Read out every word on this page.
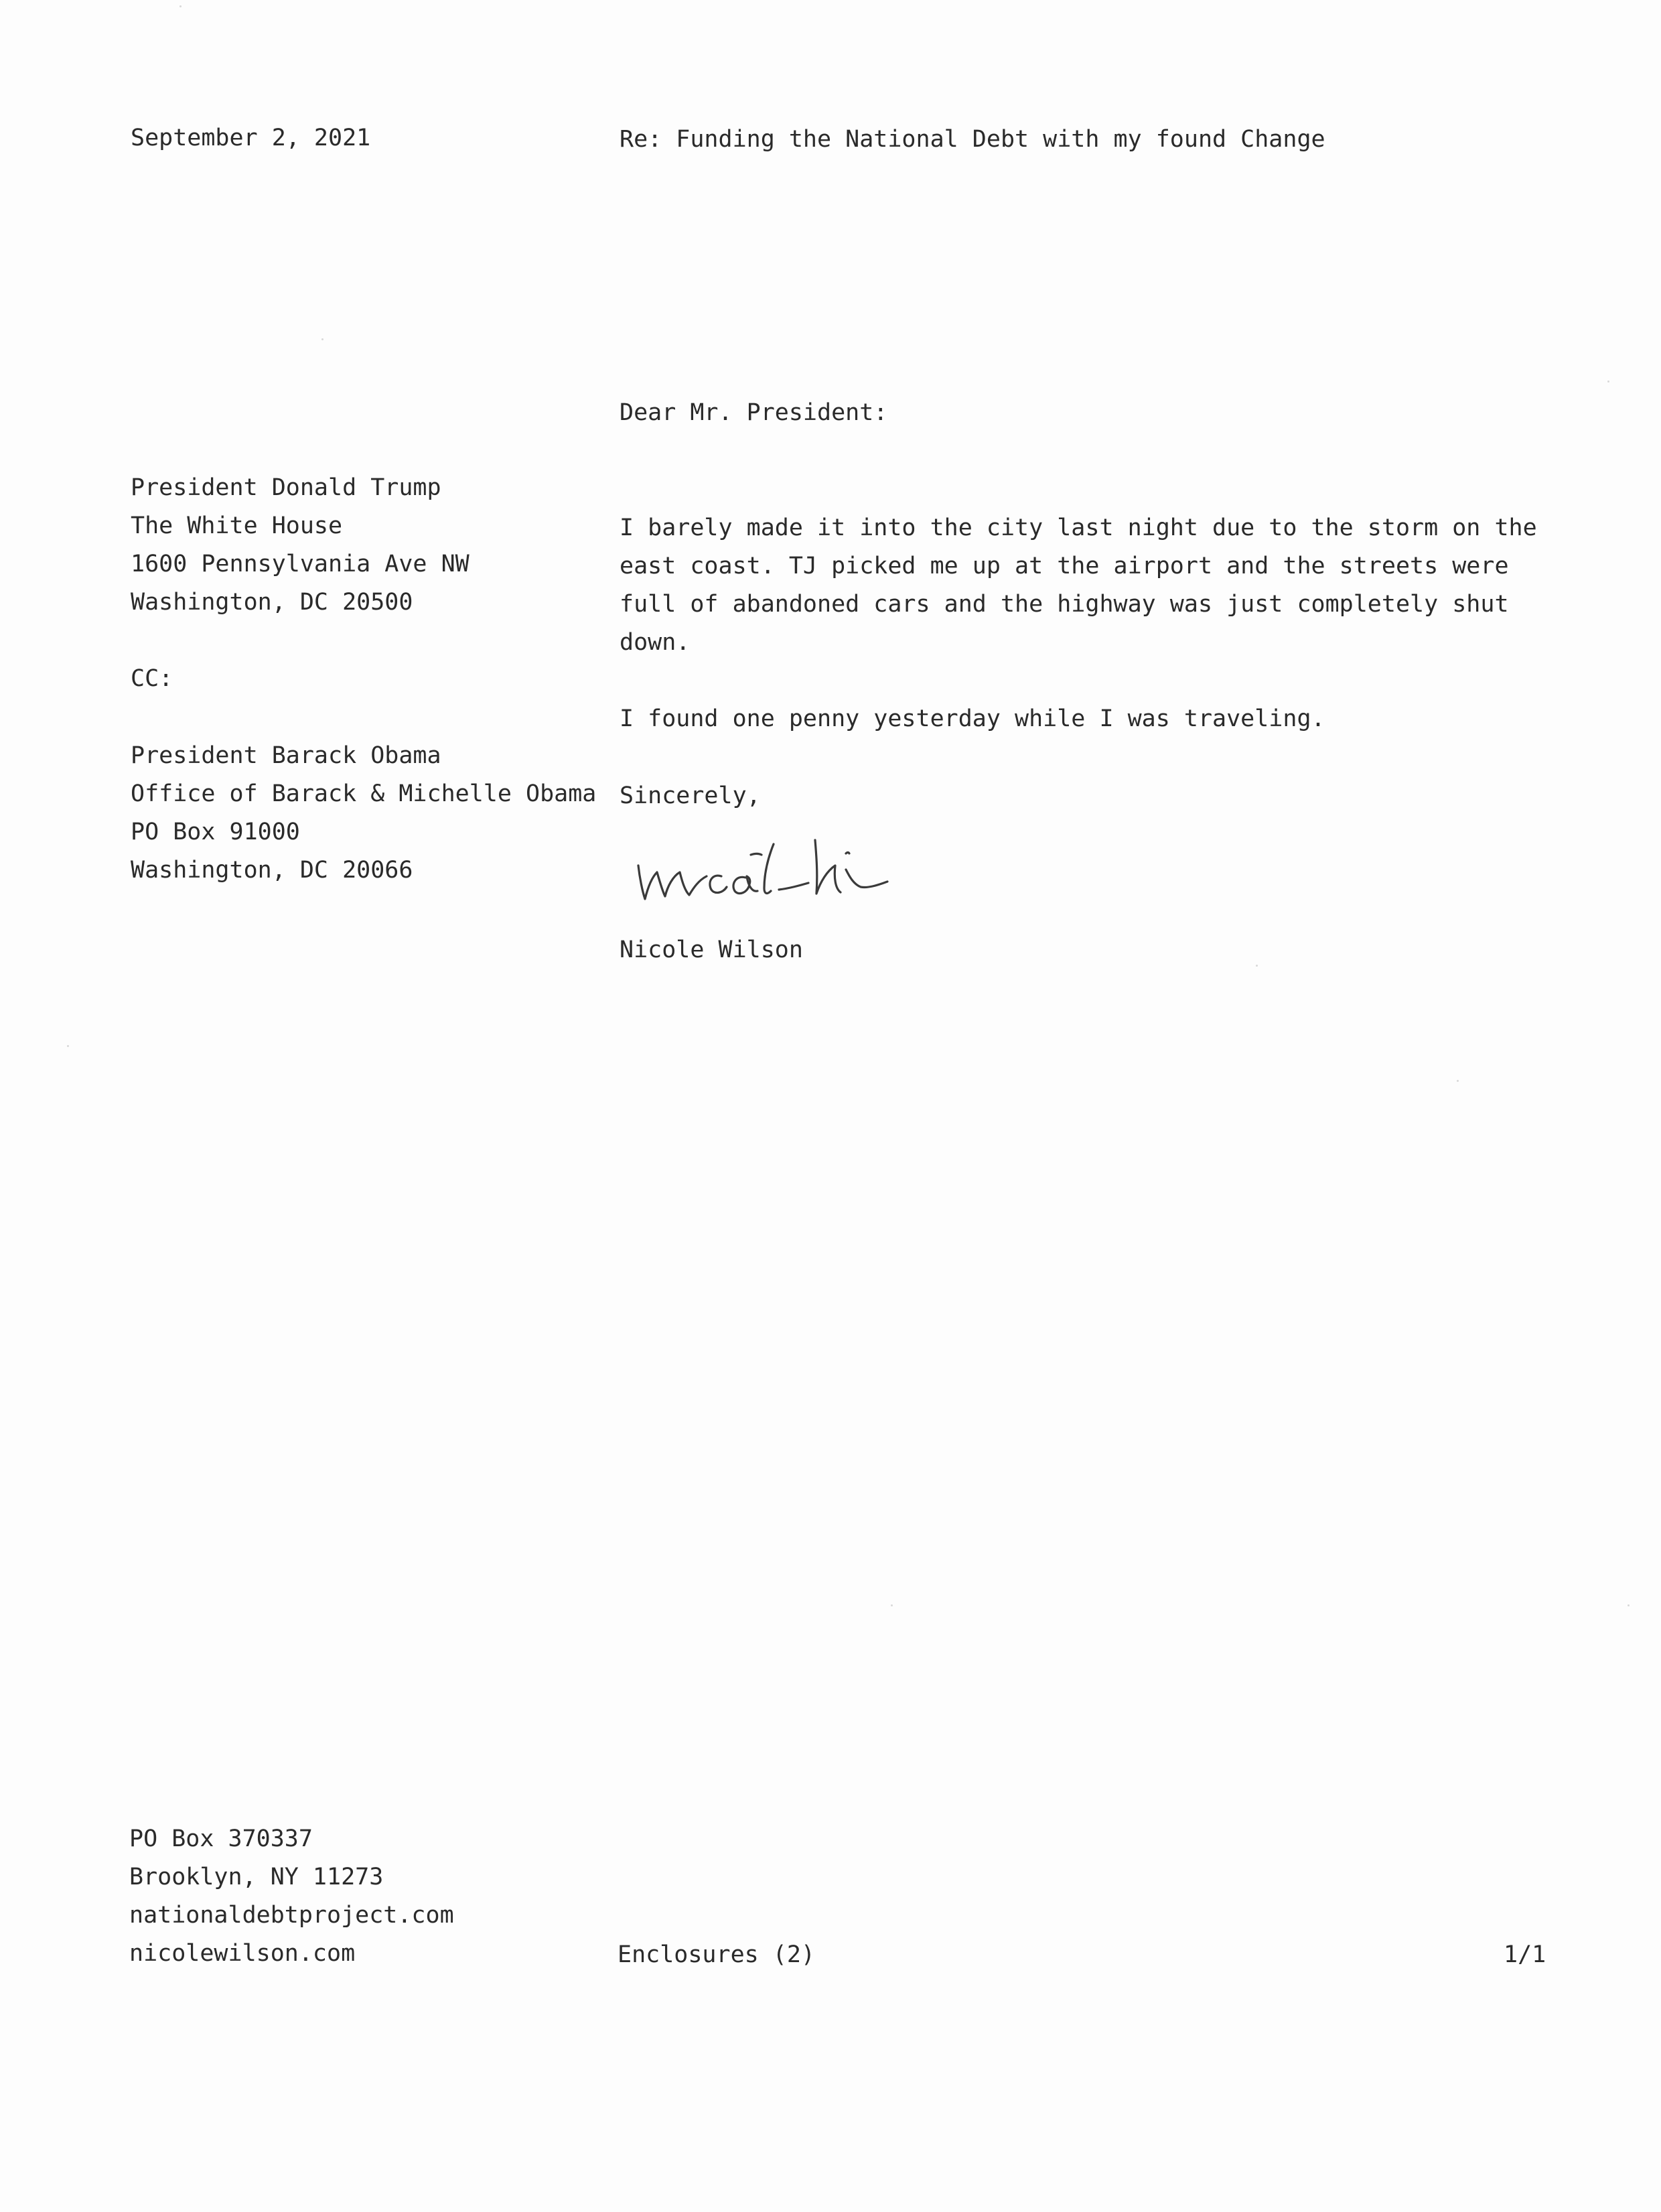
September 2, 2021	Re: Funding the National Debt with my found Change
Dear Mr. President:
President Donald Trump
The White House
1600 Pennsylvania Ave NW
Washington, DC 20500
CC:
President Barack Obama
Office of Barack & Michelle Obama
PO Box 91000
Washington, DC 20066
I barely made it into the city last night due to the storm on the
east coast. TJ picked me up at the airport and the streets were
full of abandoned cars and the highway was just completely shut
down.
I found one penny yesterday while I was traveling.
Sincerely,
Nicole Wilson
PO Box 370337
Brooklyn, NY 11273
nationaldebtproject.com
nicolewilson.com	Enclosures (2)	1/1
